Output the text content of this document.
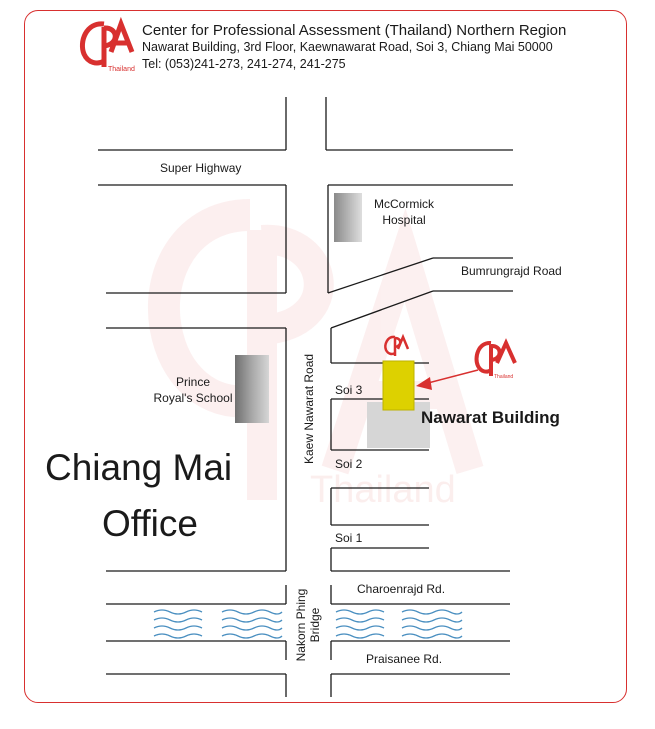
Thailand
Thailand
Thailand
Center for Professional Assessment (Thailand) Northern Region
Nawarat Building, 3rd Floor, Kaewnawarat Road, Soi 3, Chiang Mai 50000
Tel: (053)241-273, 241-274, 241-275
Super Highway
Bumrungrajd Road
Kaew Nawarat Road Soi 3
Soi 2
Soi 1
Charoenrajd Rd.
Praisanee Rd.
Nakorn Phing Bridge
McCormick
Hospital
Prince
Royal's School
Nawarat Building
Chiang Mai
Office
